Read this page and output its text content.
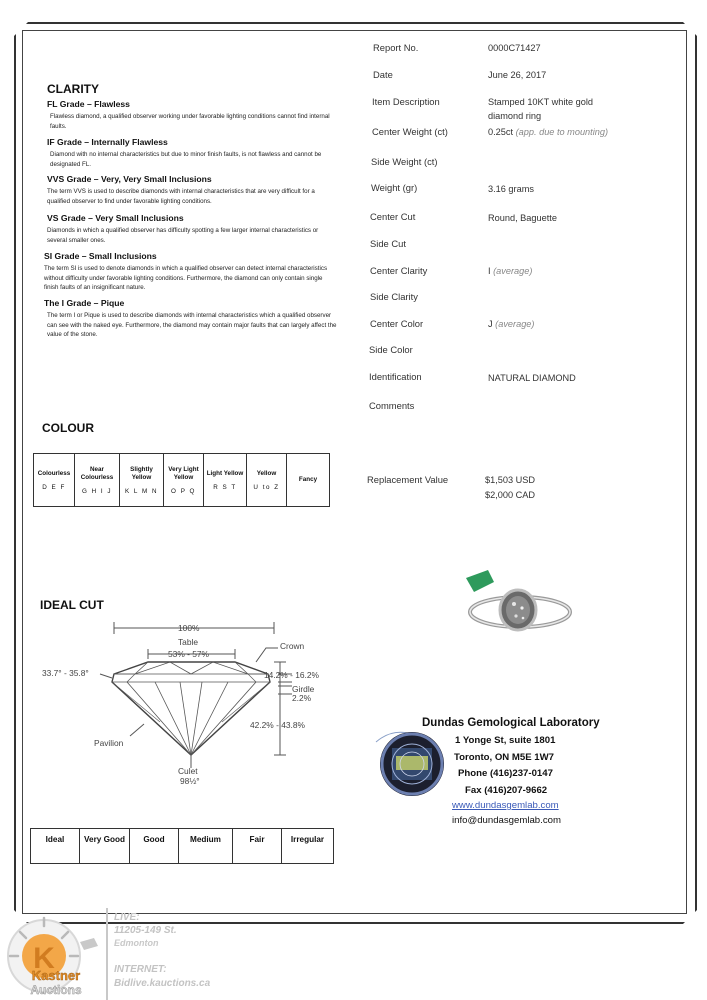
CLARITY
FL Grade – Flawless
Flawless diamond, a qualified observer working under favorable lighting conditions cannot find internal faults.
IF Grade – Internally Flawless
Diamond with no internal characteristics but due to minor finish faults, is not flawless and cannot be designated FL.
VVS Grade – Very, Very Small Inclusions
The term VVS is used to describe diamonds with internal characteristics that are very difficult for a qualified observer to find under favorable lighting conditions.
VS Grade – Very Small Inclusions
Diamonds in which a qualified observer has difficulty spotting a few larger internal characteristics or several smaller ones.
SI Grade – Small Inclusions
The term SI is used to denote diamonds in which a qualified observer can detect internal characteristics without difficulty under favorable lighting conditions. Furthermore, the diamond can only contain single finish faults of an insignificant nature.
The I Grade – Pique
The term I or Pique is used to describe diamonds with internal characteristics which a qualified observer can see with the naked eye. Furthermore, the diamond may contain major faults that can largely affect the value of the stone.
Report No.	0000C71427
Date	June 26, 2017
Item Description	Stamped 10KT white gold diamond ring
Center Weight (ct)	0.25ct (app. due to mounting)
Side Weight (ct)
Weight (gr)	3.16 grams
Center Cut	Round, Baguette
Side Cut
Center Clarity	I (average)
Side Clarity
Center Color	J (average)
Side Color
Identification	NATURAL DIAMOND
Comments
Replacement Value	$1,503 USD
$2,000 CAD
COLOUR
Colourless
D E F
Near Colourless
G H I J
Slightly Yellow
K L M N
Very Light Yellow
O P Q
Light Yellow
R S T
Yellow
U to Z
Fancy
IDEAL CUT
100%
Table
53% - 57%
Crown
33.7° - 35.8°	14.2% - 16.2%
Girdle
2.2%
42.2% - 43.8%
Pavilion
Culet
98½°
Ideal	Very Good	Good	Medium	Fair	Irregular
Dundas Gemological Laboratory
1 Yonge St, suite 1801
Toronto, ON M5E 1W7
Phone (416)237-0147
Fax (416)207-9662
www.dundasgemlab.com
info@dundasgemlab.com
K
Kastner
Auctions
LIVE:
11205-149 St.
Edmonton
INTERNET:
Bidlive.kauctions.ca
